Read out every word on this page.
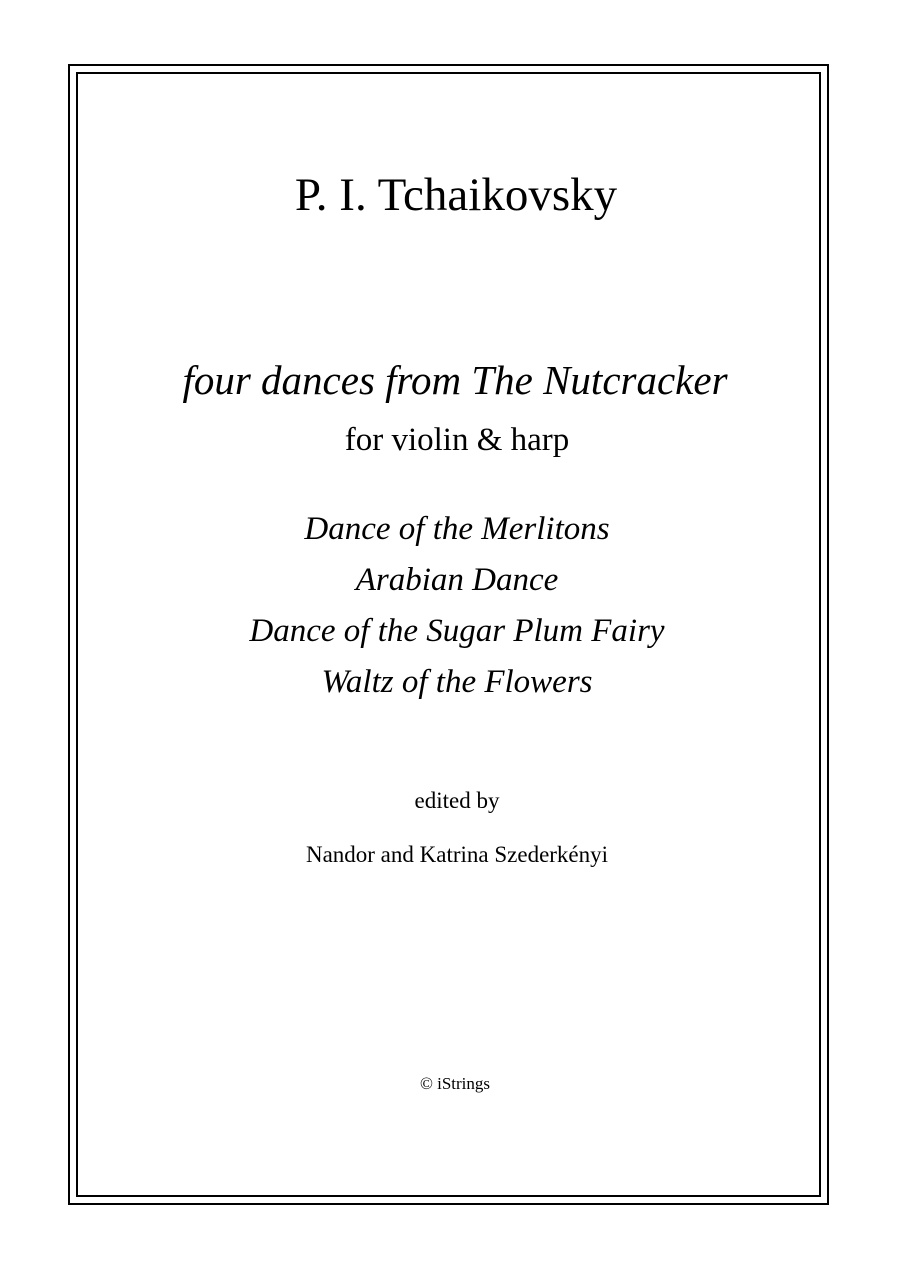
P. I. Tchaikovsky
four dances from The Nutcracker
for violin & harp
Dance of the Merlitons
Arabian Dance
Dance of the Sugar Plum Fairy
Waltz of the Flowers
edited by
Nandor and Katrina Szederkényi
© iStrings
